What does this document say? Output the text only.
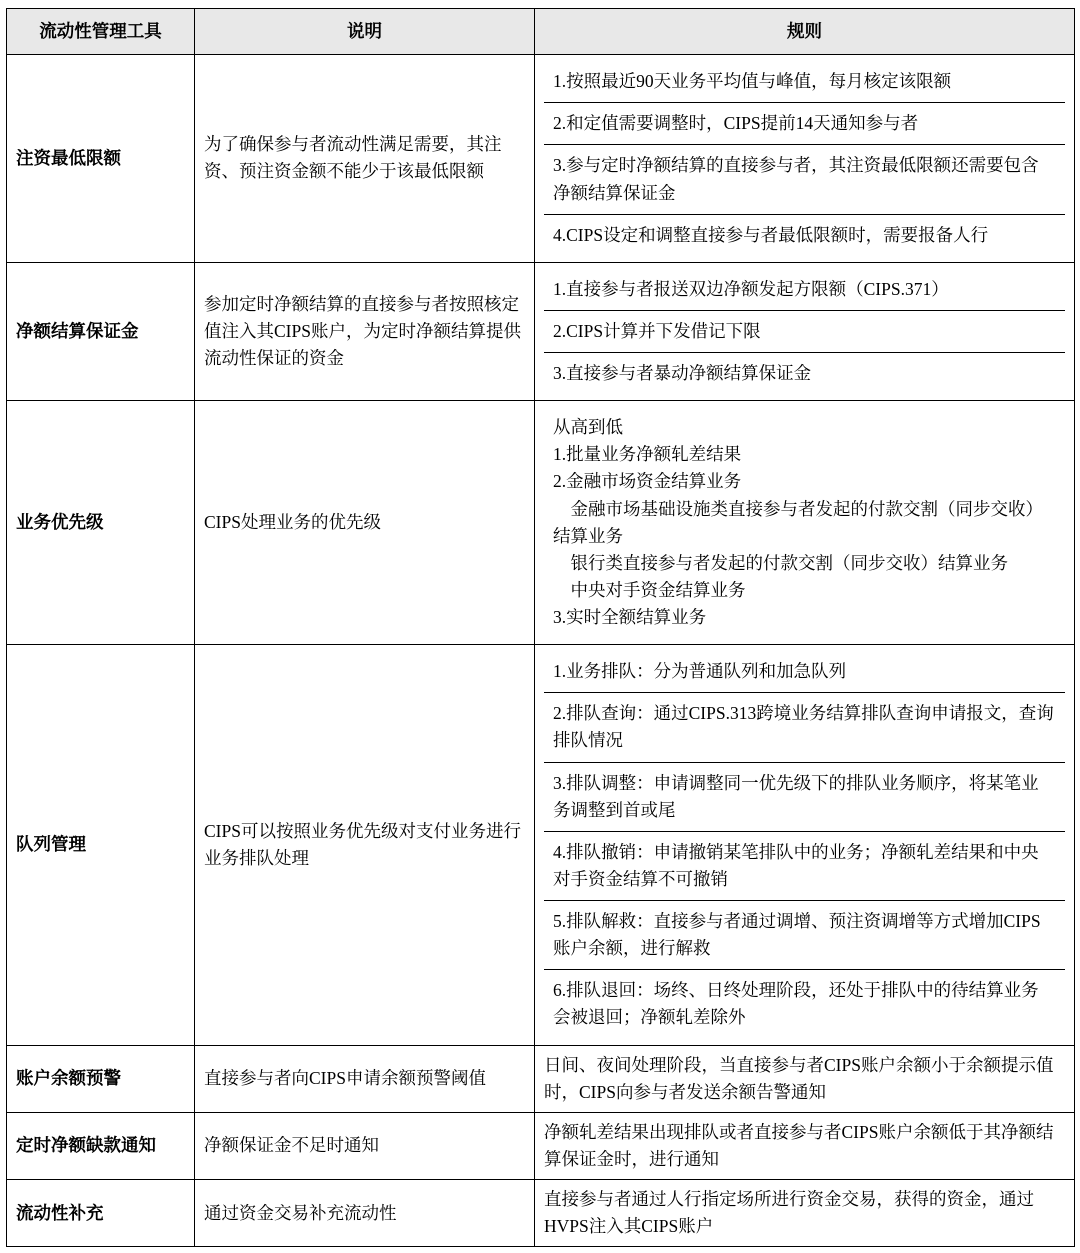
流动性管理工具	说明	规则
注资最低限额	为了确保参与者流动性满足需要，其注资、预注资金额不能少于该最低限额	
1.按照最近90天业务平均值与峰值，每月核定该限额
2.和定值需要调整时，CIPS提前14天通知参与者
3.参与定时净额结算的直接参与者，其注资最低限额还需要包含净额结算保证金
4.CIPS设定和调整直接参与者最低限额时，需要报备人行

净额结算保证金	参加定时净额结算的直接参与者按照核定值注入其CIPS账户，为定时净额结算提供流动性保证的资金	
1.直接参与者报送双边净额发起方限额（CIPS.371）
2.CIPS计算并下发借记下限
3.直接参与者暴动净额结算保证金

业务优先级	CIPS处理业务的优先级	
从高到低
1.批量业务净额轧差结果
2.金融市场资金结算业务
金融市场基础设施类直接参与者发起的付款交割（同步交收）结算业务
银行类直接参与者发起的付款交割（同步交收）结算业务
中央对手资金结算业务
3.实时全额结算业务

队列管理	CIPS可以按照业务优先级对支付业务进行业务排队处理	
1.业务排队：分为普通队列和加急队列
2.排队查询：通过CIPS.313跨境业务结算排队查询申请报文，查询排队情况
3.排队调整：申请调整同一优先级下的排队业务顺序，将某笔业务调整到首或尾
4.排队撤销：申请撤销某笔排队中的业务；净额轧差结果和中央对手资金结算不可撤销
5.排队解救：直接参与者通过调增、预注资调增等方式增加CIPS账户余额，进行解救
6.排队退回：场终、日终处理阶段，还处于排队中的待结算业务会被退回；净额轧差除外

账户余额预警	直接参与者向CIPS申请余额预警阈值	日间、夜间处理阶段，当直接参与者CIPS账户余额小于余额提示值时，CIPS向参与者发送余额告警通知
定时净额缺款通知	净额保证金不足时通知	净额轧差结果出现排队或者直接参与者CIPS账户余额低于其净额结算保证金时，进行通知
流动性补充	通过资金交易补充流动性	直接参与者通过人行指定场所进行资金交易，获得的资金，通过HVPS注入其CIPS账户
